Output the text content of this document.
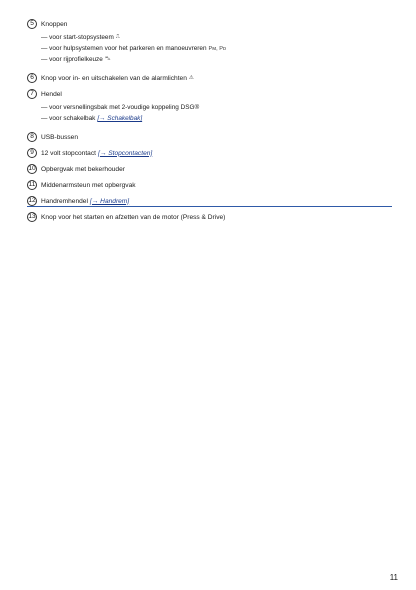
5	Knoppen
— voor start-stopsysteem ⎍
— voor hulpsystemen voor het parkeren en manoeuvreren Pᴍ, Pᴅ
— voor rijprofielkeuze ⛍
6	Knop voor in- en uitschakelen van de alarmlichten ⚠
7	Hendel
— voor versnellingsbak met 2-voudige koppeling DSG®
— voor schakelbak [→ Schakelbak]
8	USB-bussen
9	12 volt stopcontact [→ Stopcontacten]
10 Opbergvak met bekerhouder
11 Middenarmsteun met opbergvak
12 Handremhendel [→ Handrem]
13 Knop voor het starten en afzetten van de motor (Press & Drive)
11
